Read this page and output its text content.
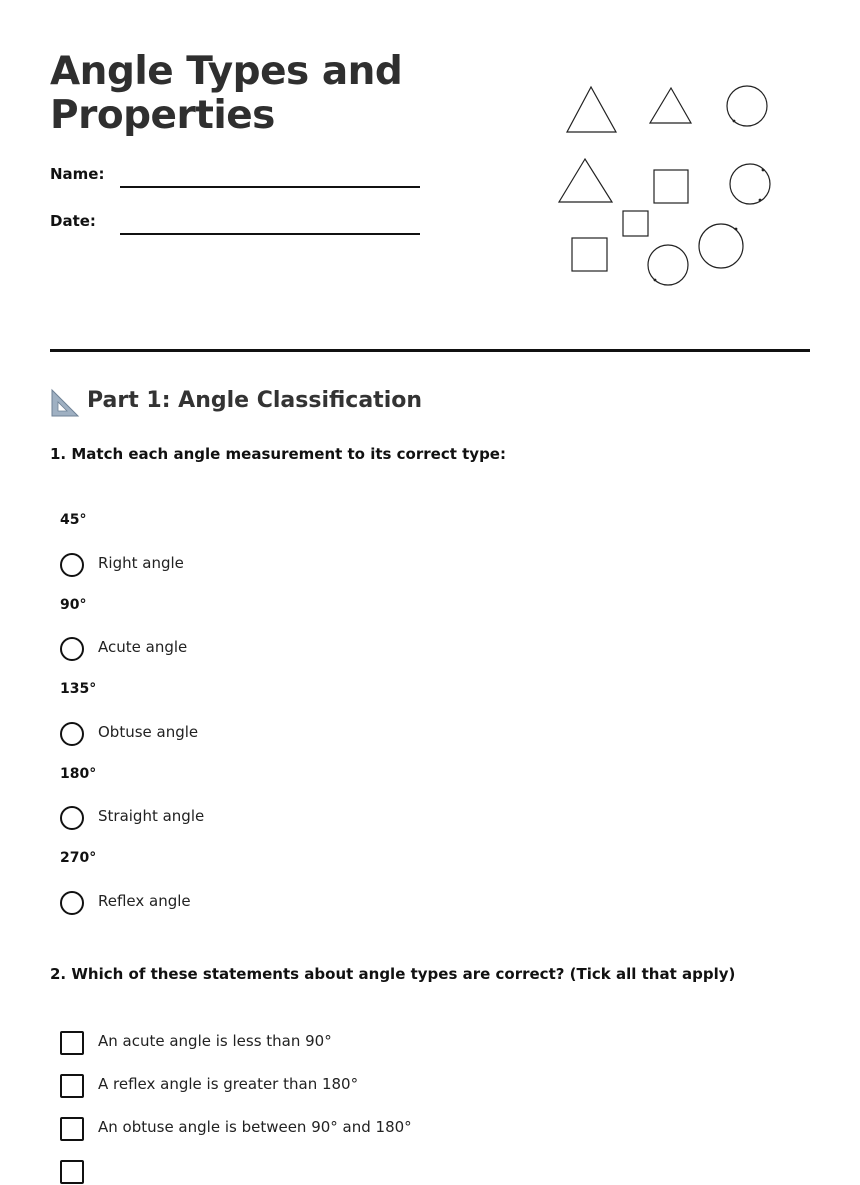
Angle Types and Properties
Name:
Date:
Part 1: Angle Classification
1. Match each angle measurement to its correct type:
45°
Right angle
90°
Acute angle
135°
Obtuse angle
180°
Straight angle
270°
Reflex angle
2. Which of these statements about angle types are correct? (Tick all that apply)
An acute angle is less than 90°
A reflex angle is greater than 180°
An obtuse angle is between 90° and 180°
